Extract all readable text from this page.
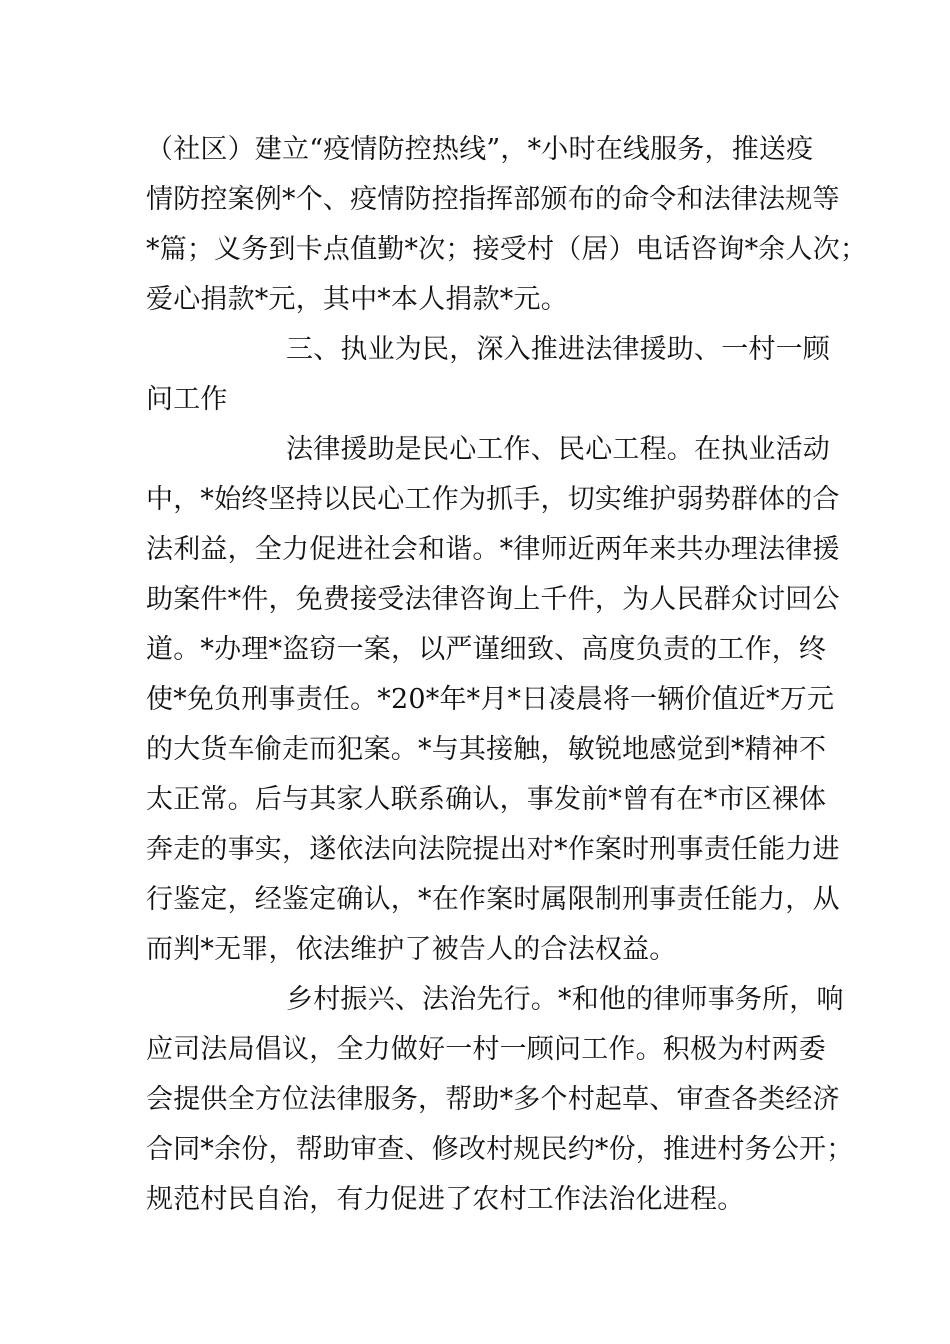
（社区）建立“疫情防控热线”，*小时在线服务，推送疫
情防控案例*个、疫情防控指挥部颁布的命令和法律法规等
*篇；义务到卡点值勤*次；接受村（居）电话咨询*余人次；
爱心捐款*元，其中*本人捐款*元。
三、执业为民，深入推进法律援助、一村一顾
问工作
法律援助是民心工作、民心工程。在执业活动
中，*始终坚持以民心工作为抓手，切实维护弱势群体的合
法利益，全力促进社会和谐。*律师近两年来共办理法律援
助案件*件，免费接受法律咨询上千件，为人民群众讨回公
道。*办理*盗窃一案，以严谨细致、高度负责的工作，终
使*免负刑事责任。*20*年*月*日凌晨将一辆价值近*万元
的大货车偷走而犯案。*与其接触，敏锐地感觉到*精神不
太正常。后与其家人联系确认，事发前*曾有在*市区裸体
奔走的事实，遂依法向法院提出对*作案时刑事责任能力进
行鉴定，经鉴定确认，*在作案时属限制刑事责任能力，从
而判*无罪，依法维护了被告人的合法权益。
乡村振兴、法治先行。*和他的律师事务所，响
应司法局倡议，全力做好一村一顾问工作。积极为村两委
会提供全方位法律服务，帮助*多个村起草、审查各类经济
合同*余份，帮助审查、修改村规民约*份，推进村务公开；
规范村民自治，有力促进了农村工作法治化进程。
